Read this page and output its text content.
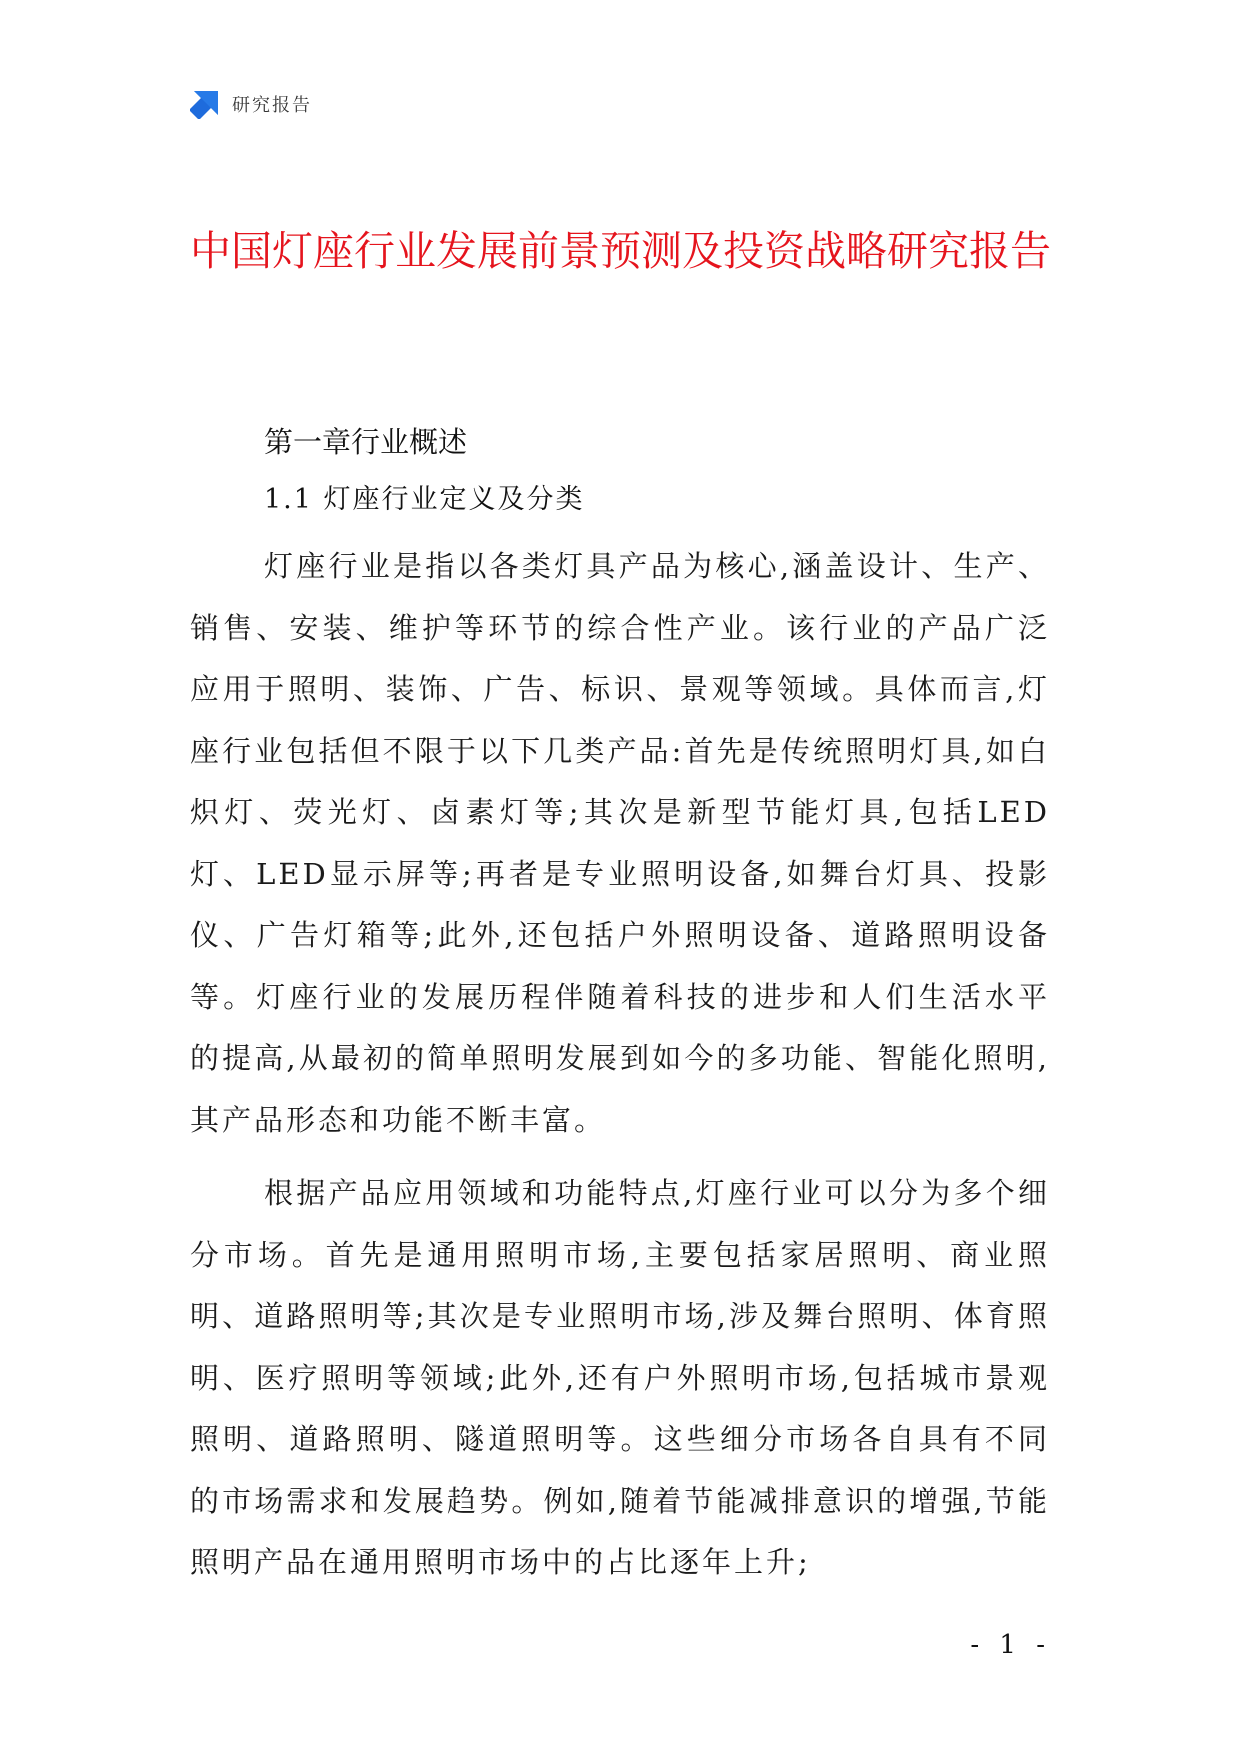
研究报告
中国灯座行业发展前景预测及投资战略研究报告
第一章行业概述
1.1 灯座行业定义及分类

灯座行业是指以各类灯具产品为核心,涵盖设计、生产、销售、安装、维护等环节的综合性产业。该行业的产品广泛应用于照明、装饰、广告、标识、景观等领域。具体而言,灯座行业包括但不限于以下几类产品:首先是传统照明灯具,如白炽灯、荧光灯、卤素灯等;其次是新型节能灯具,包括LED灯、LED显示屏等;再者是专业照明设备,如舞台灯具、投影仪、广告灯箱等;此外,还包括户外照明设备、道路照明设备等。灯座行业的发展历程伴随着科技的进步和人们生活水平的提高,从最初的简单照明发展到如今的多功能、智能化照明,其产品形态和功能不断丰富。

根据产品应用领域和功能特点,灯座行业可以分为多个细分市场。首先是通用照明市场,主要包括家居照明、商业照明、道路照明等;其次是专业照明市场,涉及舞台照明、体育照明、医疗照明等领域;此外,还有户外照明市场,包括城市景观照明、道路照明、隧道照明等。这些细分市场各自具有不同的市场需求和发展趋势。例如,随着节能减排意识的增强,节能照明产品在通用照明市场中的占比逐年上升;

- 1 -
